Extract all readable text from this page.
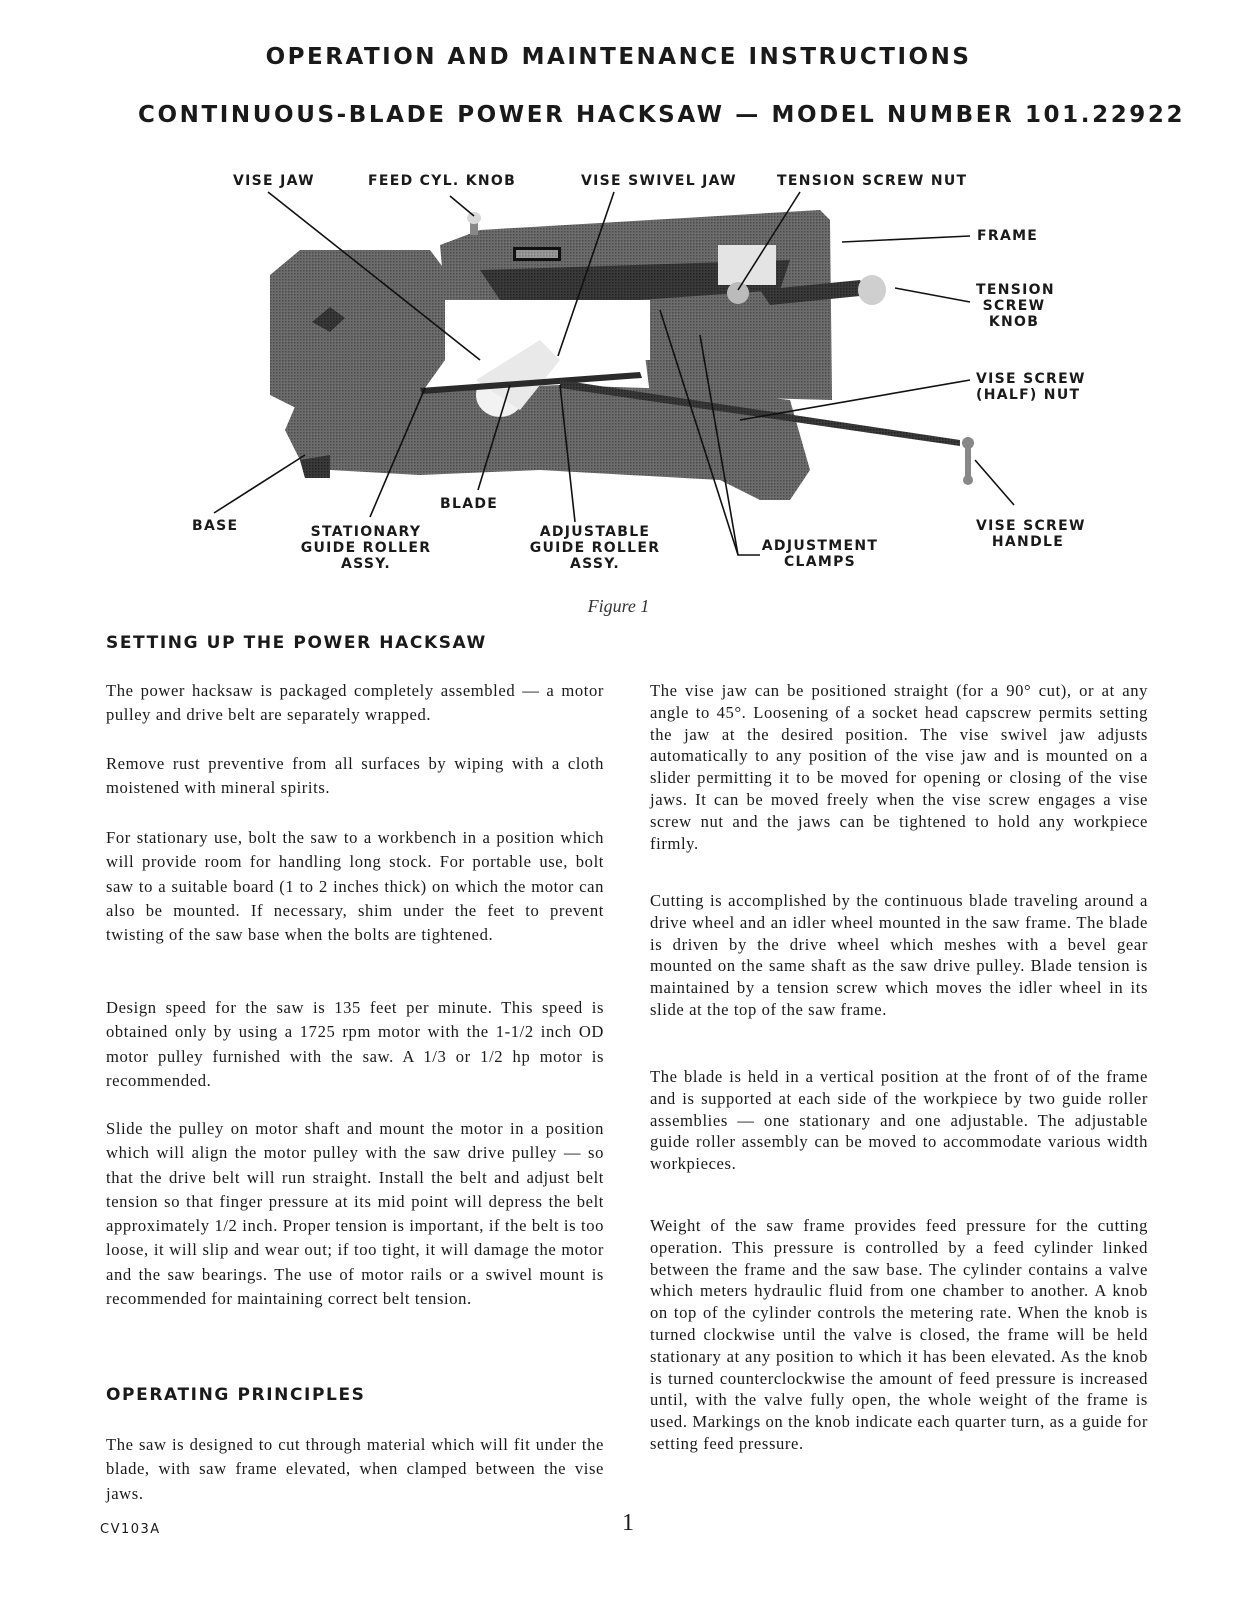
OPERATION AND MAINTENANCE INSTRUCTIONS
CONTINUOUS-BLADE POWER HACKSAW — MODEL NUMBER 101.22922
VISE JAW	FEED CYL. KNOB	VISE SWIVEL JAW	TENSION SCREW NUT
FRAME
TENSION
SCREW
KNOB
VISE SCREW
(HALF) NUT
BLADE
BASE	STATIONARY
GUIDE ROLLER
ASSY.
ADJUSTABLE
GUIDE ROLLER
ASSY.
ADJUSTMENT
CLAMPS
VISE SCREW
HANDLE
Figure 1
SETTING UP THE POWER HACKSAW
The power hacksaw is packaged completely assembled — a motor pulley and drive belt are separately wrapped.
Remove rust preventive from all surfaces by wiping with a cloth moistened with mineral spirits.
For stationary use, bolt the saw to a workbench in a position which will provide room for handling long stock. For portable use, bolt saw to a suitable board (1 to 2 inches thick) on which the motor can also be mounted. If necessary, shim under the feet to prevent twisting of the saw base when the bolts are tightened.
Design speed for the saw is 135 feet per minute. This speed is obtained only by using a 1725 rpm motor with the 1-1/2 inch OD motor pulley furnished with the saw. A 1/3 or 1/2 hp motor is recommended.
Slide the pulley on motor shaft and mount the motor in a position which will align the motor pulley with the saw drive pulley — so that the drive belt will run straight. Install the belt and adjust belt tension so that finger pressure at its mid point will depress the belt approximately 1/2 inch. Proper tension is important, if the belt is too loose, it will slip and wear out; if too tight, it will damage the motor and the saw bearings. The use of motor rails or a swivel mount is recommended for maintaining correct belt tension.
OPERATING PRINCIPLES
The saw is designed to cut through material which will fit under the blade, with saw frame elevated, when clamped between the vise jaws.
The vise jaw can be positioned straight (for a 90° cut), or at any angle to 45°. Loosening of a socket head capscrew permits setting the jaw at the desired position. The vise swivel jaw adjusts automatically to any position of the vise jaw and is mounted on a slider permitting it to be moved for opening or closing of the vise jaws. It can be moved freely when the vise screw engages a vise screw nut and the jaws can be tightened to hold any workpiece firmly.
Cutting is accomplished by the continuous blade traveling around a drive wheel and an idler wheel mounted in the saw frame. The blade is driven by the drive wheel which meshes with a bevel gear mounted on the same shaft as the saw drive pulley. Blade tension is maintained by a tension screw which moves the idler wheel in its slide at the top of the saw frame.
The blade is held in a vertical position at the front of of the frame and is supported at each side of the workpiece by two guide roller assemblies — one stationary and one adjustable. The adjustable guide roller assembly can be moved to accommodate various width workpieces.
Weight of the saw frame provides feed pressure for the cutting operation. This pressure is controlled by a feed cylinder linked between the frame and the saw base. The cylinder contains a valve which meters hydraulic fluid from one chamber to another. A knob on top of the cylinder controls the metering rate. When the knob is turned clockwise until the valve is closed, the frame will be held stationary at any position to which it has been elevated. As the knob is turned counterclockwise the amount of feed pressure is increased until, with the valve fully open, the whole weight of the frame is used. Markings on the knob indicate each quarter turn, as a guide for setting feed pressure.
CV103A	1
